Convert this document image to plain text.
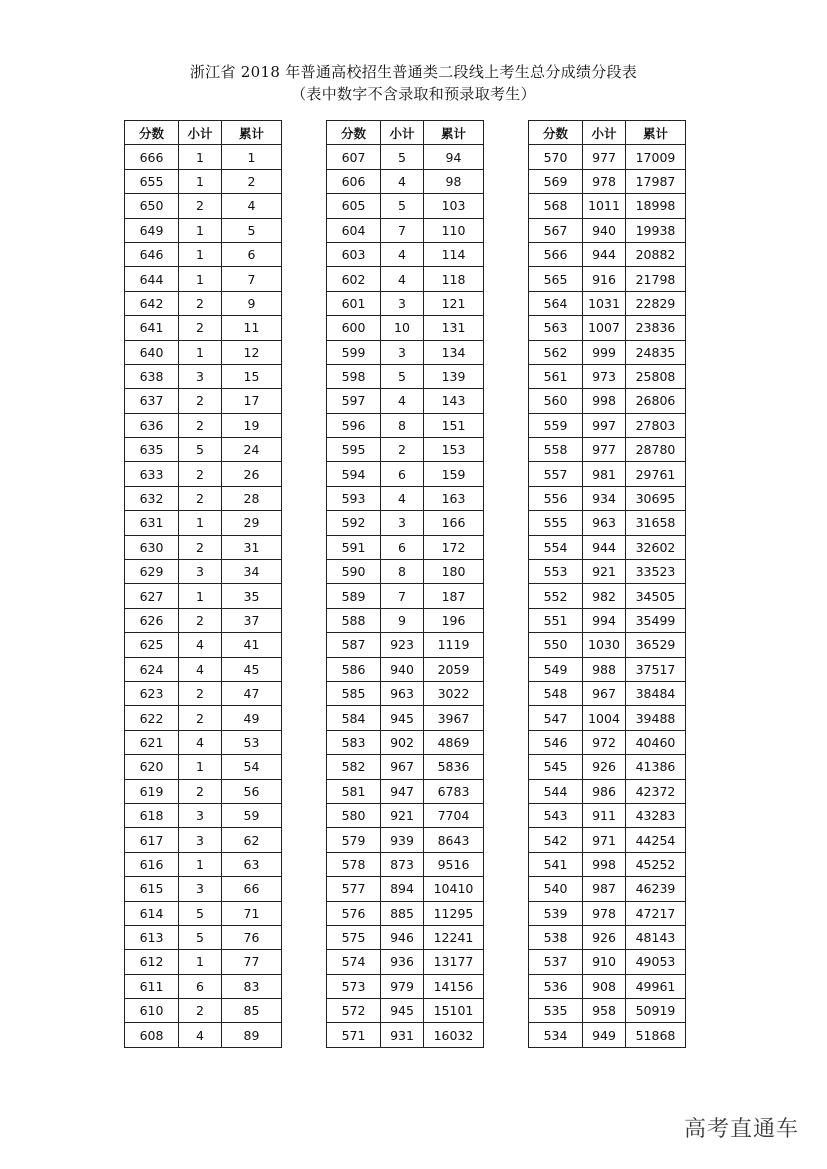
浙江省 2018 年普通高校招生普通类二段线上考生总分成绩分段表
（表中数字不含录取和预录取考生）
分数	小计	累计
666	1	1
655	1	2
650	2	4
649	1	5
646	1	6
644	1	7
642	2	9
641	2	11
640	1	12
638	3	15
637	2	17
636	2	19
635	5	24
633	2	26
632	2	28
631	1	29
630	2	31
629	3	34
627	1	35
626	2	37
625	4	41
624	4	45
623	2	47
622	2	49
621	4	53
620	1	54
619	2	56
618	3	59
617	3	62
616	1	63
615	3	66
614	5	71
613	5	76
612	1	77
611	6	83
610	2	85
608	4	89
分数	小计	累计
607	5	94
606	4	98
605	5	103
604	7	110
603	4	114
602	4	118
601	3	121
600	10	131
599	3	134
598	5	139
597	4	143
596	8	151
595	2	153
594	6	159
593	4	163
592	3	166
591	6	172
590	8	180
589	7	187
588	9	196
587	923	1119
586	940	2059
585	963	3022
584	945	3967
583	902	4869
582	967	5836
581	947	6783
580	921	7704
579	939	8643
578	873	9516
577	894	10410
576	885	11295
575	946	12241
574	936	13177
573	979	14156
572	945	15101
571	931	16032
分数	小计	累计
570	977	17009
569	978	17987
568	1011	18998
567	940	19938
566	944	20882
565	916	21798
564	1031	22829
563	1007	23836
562	999	24835
561	973	25808
560	998	26806
559	997	27803
558	977	28780
557	981	29761
556	934	30695
555	963	31658
554	944	32602
553	921	33523
552	982	34505
551	994	35499
550	1030	36529
549	988	37517
548	967	38484
547	1004	39488
546	972	40460
545	926	41386
544	986	42372
543	911	43283
542	971	44254
541	998	45252
540	987	46239
539	978	47217
538	926	48143
537	910	49053
536	908	49961
535	958	50919
534	949	51868
高考直通车
